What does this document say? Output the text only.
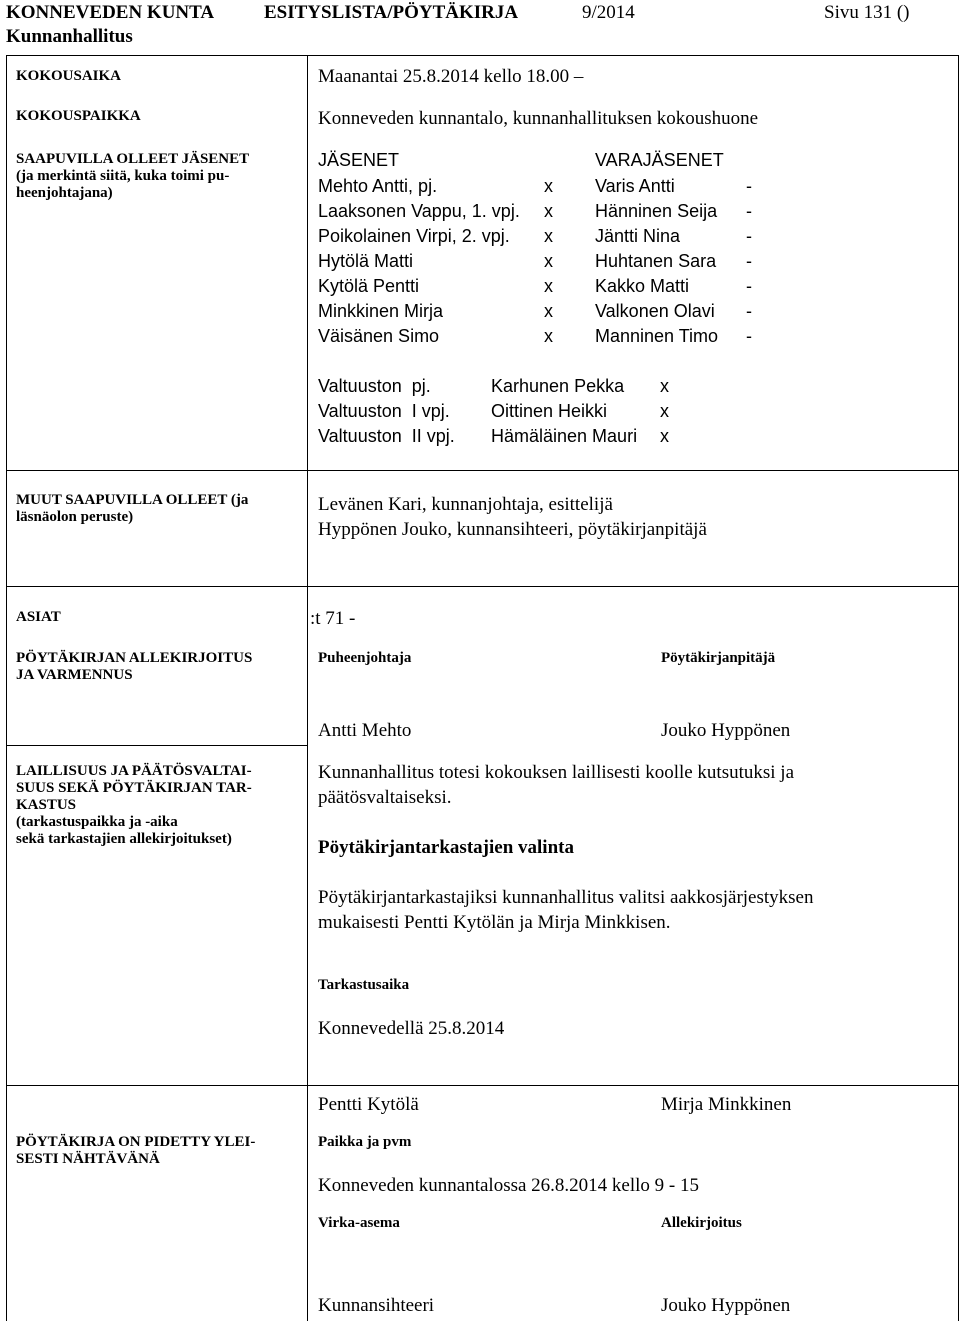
KONNEVEDEN KUNTA	ESITYSLISTA/PÖYTÄKIRJA	9/2014	Sivu 131 ()
Kunnanhallitus
KOKOUSAIKA	Maanantai 25.8.2014 kello 18.00 –
KOKOUSPAIKKA	Konneveden kunnantalo, kunnanhallituksen kokoushuone
SAAPUVILLA OLLEET JÄSENET
(ja merkintä siitä, kuka toimi pu-
heenjohtajana)
JÄSENET	VARAJÄSENET
Mehto Antti, pj.	x Varis Antti	-
Laaksonen Vappu, 1. vpj. x Hänninen Seija -
Poikolainen Virpi, 2. vpj. x Jäntti Nina	-
Hytölä Matti	x Huhtanen Sara -
Kytölä Pentti	x Kakko Matti	-
Minkkinen Mirja	x Valkonen Olavi -
Väisänen Simo	x Manninen Timo -
Valtuuston  pj.	Karhunen Pekka x
Valtuuston  I vpj. Oittinen Heikki	x
Valtuuston  II vpj. Hämäläinen Mauri x
MUUT SAAPUVILLA OLLEET (ja
läsnäolon peruste)
Levänen Kari, kunnanjohtaja, esittelijä
Hyppönen Jouko, kunnansihteeri, pöytäkirjanpitäjä
ASIAT	:t 71 -
PÖYTÄKIRJAN ALLEKIRJOITUS
JA VARMENNUS
Puheenjohtaja	Pöytäkirjanpitäjä
Antti Mehto	Jouko Hyppönen
LAILLISUUS JA PÄÄTÖSVALTAI-
SUUS SEKÄ PÖYTÄKIRJAN TAR-
KASTUS
(tarkastuspaikka ja -aika
sekä tarkastajien allekirjoitukset)
Kunnanhallitus totesi kokouksen laillisesti koolle kutsutuksi ja
päätösvaltaiseksi.
Pöytäkirjantarkastajien valinta
Pöytäkirjantarkastajiksi kunnanhallitus valitsi aakkosjärjestyksen
mukaisesti Pentti Kytölän ja Mirja Minkkisen.
Tarkastusaika
Konnevedellä 25.8.2014
Pentti Kytölä	Mirja Minkkinen
PÖYTÄKIRJA ON PIDETTY YLEI-
SESTI NÄHTÄVÄNÄ
Paikka ja pvm
Konneveden kunnantalossa 26.8.2014 kello 9 - 15
Virka-asema	Allekirjoitus
Kunnansihteeri	Jouko Hyppönen
